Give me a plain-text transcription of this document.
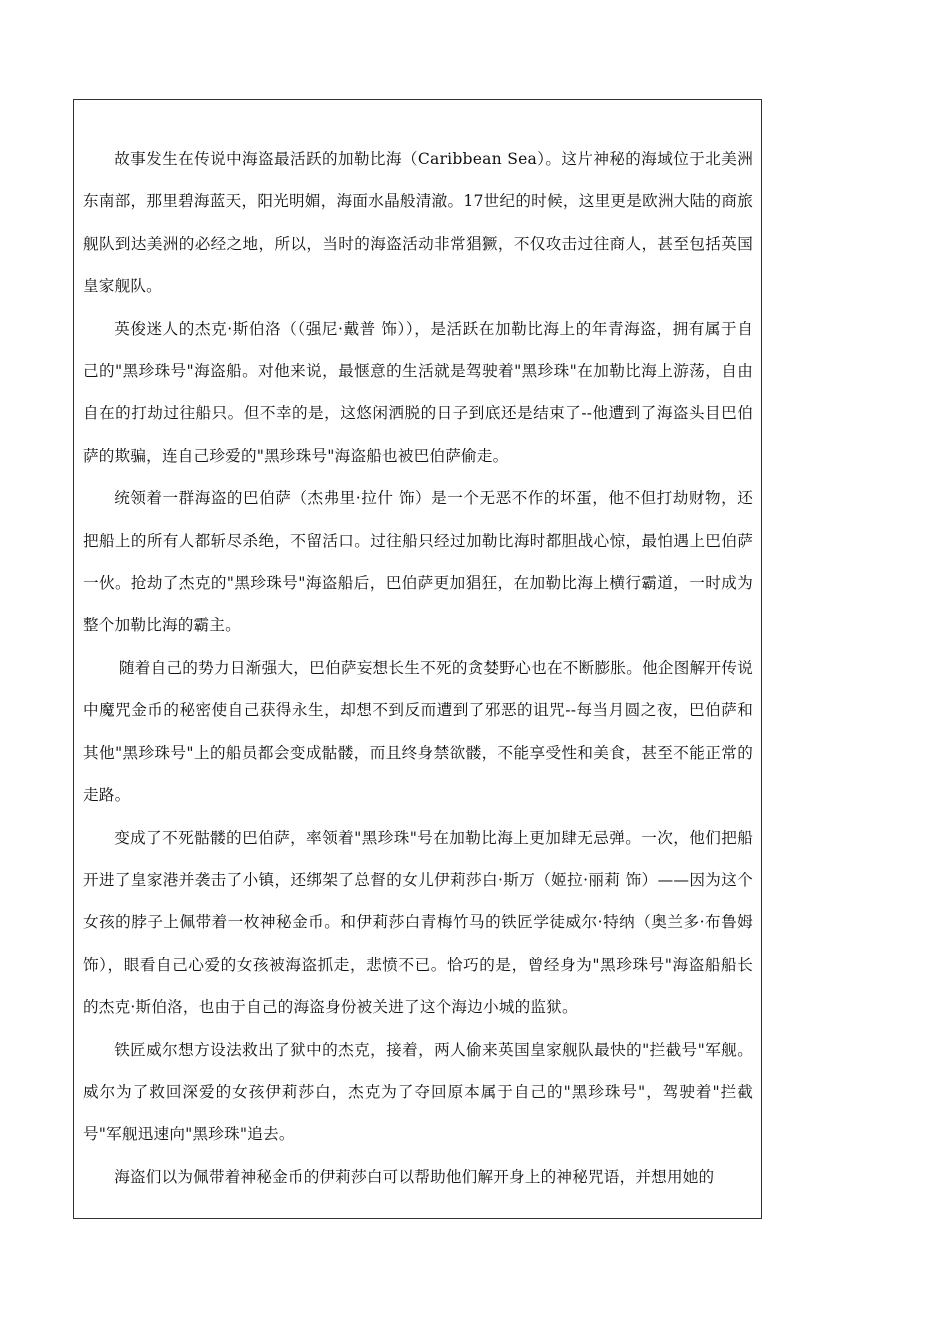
故事发生在传说中海盗最活跃的加勒比海（Caribbean Sea）。这片神秘的海域位于北美洲东南部，那里碧海蓝天，阳光明媚，海面水晶般清澈。17世纪的时候，这里更是欧洲大陆的商旅舰队到达美洲的必经之地，所以，当时的海盗活动非常猖獗，不仅攻击过往商人，甚至包括英国皇家舰队。

英俊迷人的杰克·斯伯洛（（强尼·戴普 饰）），是活跃在加勒比海上的年青海盗，拥有属于自己的"黑珍珠号"海盗船。对他来说，最惬意的生活就是驾驶着"黑珍珠"在加勒比海上游荡，自由自在的打劫过往船只。但不幸的是，这悠闲洒脱的日子到底还是结束了--他遭到了海盗头目巴伯萨的欺骗，连自己珍爱的"黑珍珠号"海盗船也被巴伯萨偷走。

统领着一群海盗的巴伯萨（杰弗里·拉什 饰）是一个无恶不作的坏蛋，他不但打劫财物，还把船上的所有人都斩尽杀绝，不留活口。过往船只经过加勒比海时都胆战心惊，最怕遇上巴伯萨一伙。抢劫了杰克的"黑珍珠号"海盗船后，巴伯萨更加猖狂，在加勒比海上横行霸道，一时成为整个加勒比海的霸主。

随着自己的势力日渐强大，巴伯萨妄想长生不死的贪婪野心也在不断膨胀。他企图解开传说中魔咒金币的秘密使自己获得永生，却想不到反而遭到了邪恶的诅咒--每当月圆之夜，巴伯萨和其他"黑珍珠号"上的船员都会变成骷髅，而且终身禁欲髅，不能享受性和美食，甚至不能正常的走路。

变成了不死骷髅的巴伯萨，率领着"黑珍珠"号在加勒比海上更加肆无忌弹。一次，他们把船开进了皇家港并袭击了小镇，还绑架了总督的女儿伊莉莎白·斯万（姬拉·丽莉 饰）——因为这个女孩的脖子上佩带着一枚神秘金币。和伊莉莎白青梅竹马的铁匠学徒威尔·特纳（奥兰多·布鲁姆 饰），眼看自己心爱的女孩被海盗抓走，悲愤不已。恰巧的是，曾经身为"黑珍珠号"海盗船船长的杰克·斯伯洛，也由于自己的海盗身份被关进了这个海边小城的监狱。

铁匠威尔想方设法救出了狱中的杰克，接着，两人偷来英国皇家舰队最快的"拦截号"军舰。威尔为了救回深爱的女孩伊莉莎白，杰克为了夺回原本属于自己的"黑珍珠号"，驾驶着"拦截号"军舰迅速向"黑珍珠"追去。

海盗们以为佩带着神秘金币的伊莉莎白可以帮助他们解开身上的神秘咒语，并想用她的
